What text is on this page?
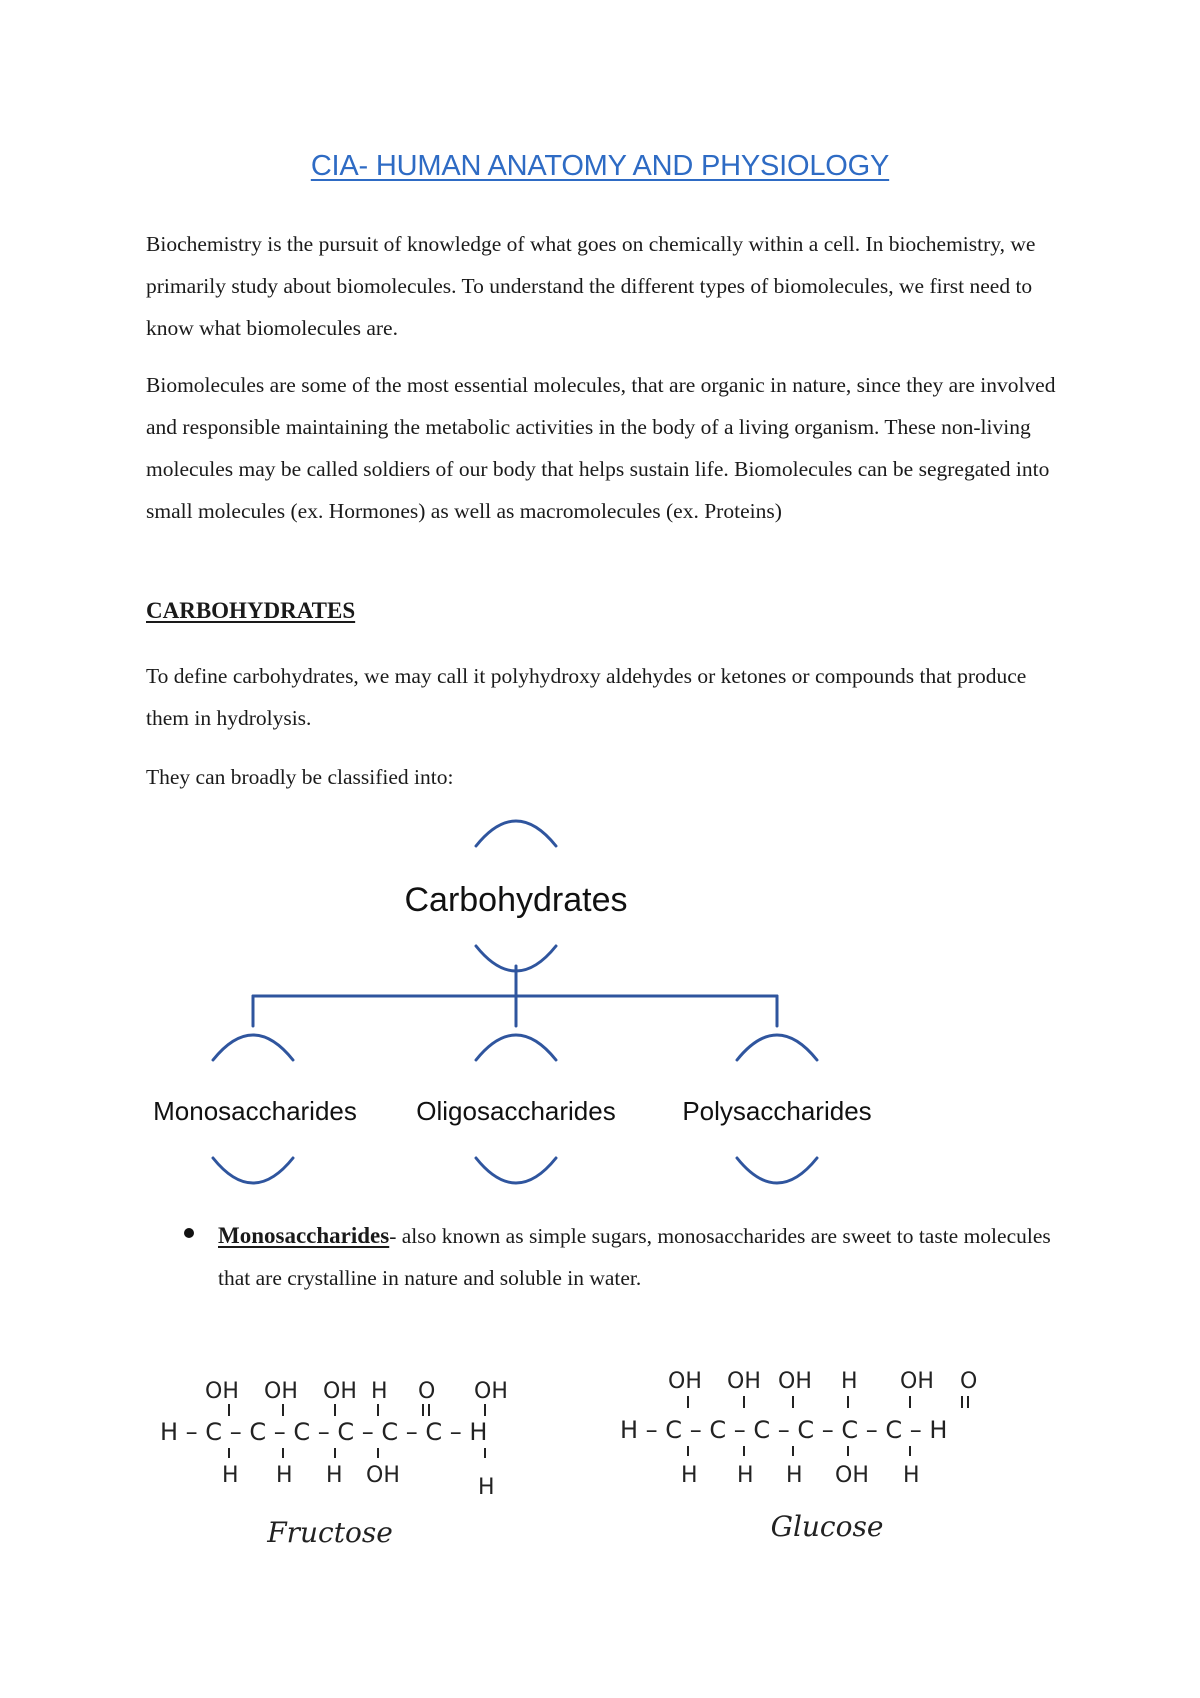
CIA- HUMAN ANATOMY AND PHYSIOLOGY

Biochemistry is the pursuit of knowledge of what goes on chemically within a cell. In biochemistry, we primarily study about biomolecules. To understand the different types of biomolecules, we first need to know what biomolecules are.

Biomolecules are some of the most essential molecules, that are organic in nature, since they are involved and responsible maintaining the metabolic activities in the body of a living organism. These non-living molecules may be called soldiers of our body that helps sustain life. Biomolecules can be segregated into small molecules (ex. Hormones) as well as macromolecules (ex. Proteins)

CARBOHYDRATES

To define carbohydrates, we may call it polyhydroxy aldehydes or ketones or compounds that produce them in hydrolysis.

They can broadly be classified into:

Carbohydrates
Monosaccharides Oligosaccharides	Polysaccharides

Monosaccharides- also known as simple sugars, monosaccharides are sweet to taste molecules that are crystalline in nature and soluble in water.

OH OH OH H O OH
H – C – C – C – C – C – C – H
H H H OH	H
Fructose
OH OH OH H OH O
H – C – C – C – C – C – C – H
H H H OH H
Glucose
